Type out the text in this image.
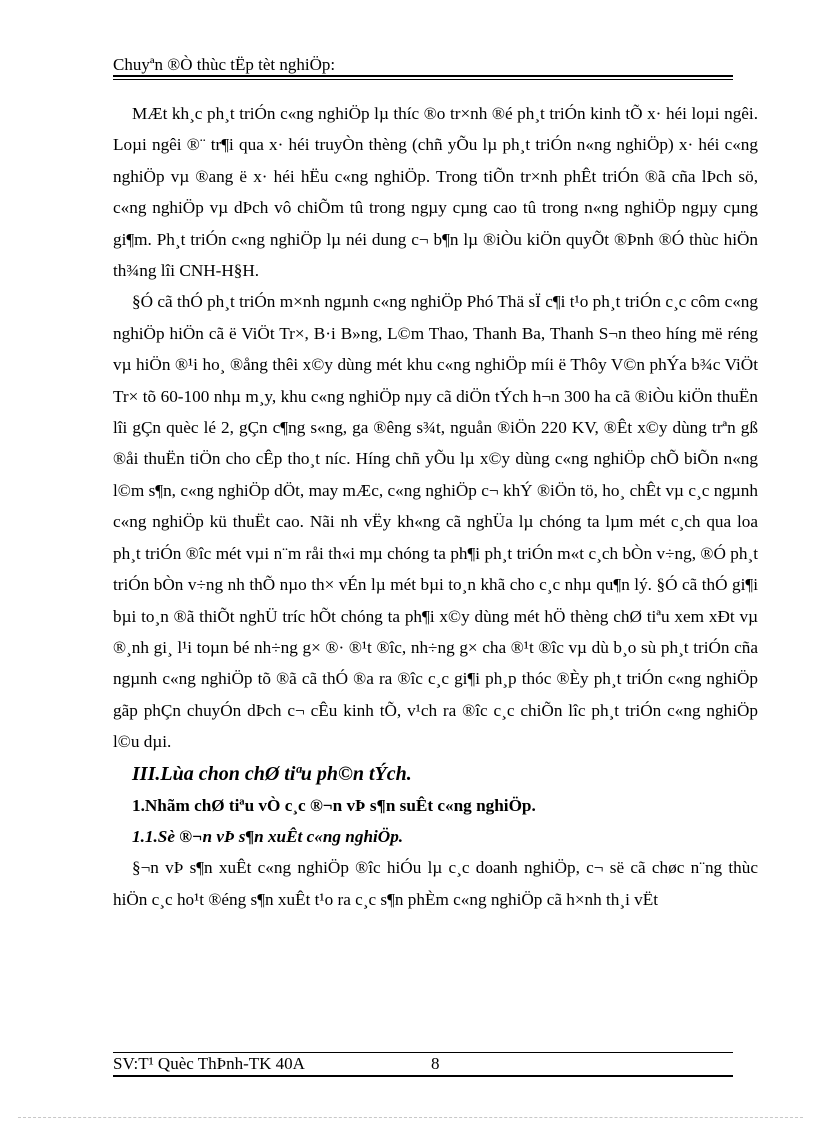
Chuyªn ®Ò thùc tËp tèt nghiÖp:

MÆt kh¸c ph¸t triÓn c«ng nghiÖp lµ thíc ®o tr×nh ®é ph¸t triÓn kinh tÕ x· héi loµi ngêi. Loµi ngêi ®¨ tr¶i qua x· héi truyÒn thèng (chñ yÕu lµ ph¸t triÓn n«ng nghiÖp) x· héi c«ng nghiÖp vµ ®ang ë x· héi hËu c«ng nghiÖp. Trong tiÕn tr×nh phÊt triÓn ®ã cña lÞch sö, c«ng nghiÖp vµ dÞch vô chiÕm tû trong ngµy cµng cao tû trong n«ng nghiÖp ngµy cµng gi¶m. Ph¸t triÓn c«ng nghiÖp lµ néi dung c¬ b¶n lµ ®iÒu kiÖn quyÕt ®Þnh ®Ó thùc hiÖn th¾ng lîi CNH-H§H.

§Ó cã thÓ ph¸t triÓn m×nh ngµnh c«ng nghiÖp Phó Thä sÏ c¶i t¹o ph¸t triÓn c¸c côm c«ng nghiÖp hiÖn cã ë ViÖt Tr×, B·i B»ng, L©m Thao, Thanh Ba, Thanh S¬n theo híng më réng vµ hiÖn ®¹i ho¸ ®ång thêi x©y dùng mét khu c«ng nghiÖp míi ë Thôy V©n phÝa b¾c ViÖt Tr× tõ 60-100 nhµ m¸y, khu c«ng nghiÖp nµy cã diÖn tÝch h¬n 300 ha cã ®iÒu kiÖn thuËn lîi gÇn quèc lé 2, gÇn c¶ng s«ng, ga ®êng s¾t, nguån ®iÖn 220 KV, ®Êt x©y dùng trªn gß ®åi thuËn tiÖn cho cÊp tho¸t níc. Híng chñ yÕu lµ x©y dùng c«ng nghiÖp chÕ biÕn n«ng l©m s¶n, c«ng nghiÖp dÖt, may mÆc, c«ng nghiÖp c¬ khÝ ®iÖn tö, ho¸ chÊt vµ c¸c ngµnh c«ng nghiÖp kü thuËt cao. Nãi nh vËy kh«ng cã nghÜa lµ chóng ta lµm mét c¸ch qua loa ph¸t triÓn ®îc mét vµi n¨m råi th«i mµ chóng ta ph¶i ph¸t triÓn m«t c¸ch bÒn v÷ng, ®Ó ph¸t triÓn bÒn v÷ng nh thÕ nµo th× vÉn lµ mét bµi to¸n khã cho c¸c nhµ qu¶n lý. §Ó cã thÓ gi¶i bµi to¸n ®ã thiÕt nghÜ tríc hÕt chóng ta ph¶i x©y dùng mét hÖ thèng chØ tiªu xem xÐt vµ ®¸nh gi¸ l¹i toµn bé nh÷ng g× ®· ®¹t ®îc, nh÷ng g× cha ®¹t ®îc vµ dù b¸o sù ph¸t triÓn cña ngµnh c«ng nghiÖp tõ ®ã cã thÓ ®a ra ®îc c¸c gi¶i ph¸p thóc ®Èy ph¸t triÓn c«ng nghiÖp gãp phÇn chuyÓn dÞch c¬ cÊu kinh tÕ, v¹ch ra ®îc c¸c chiÕn lîc ph¸t triÓn c«ng nghiÖp l©u dµi.

III.Lùa chon chØ tiªu ph©n tÝch.

1.Nhãm chØ tiªu vÒ c¸c ®¬n vÞ s¶n suÊt c«ng nghiÖp.

1.1.Sè ®¬n vÞ s¶n xuÊt c«ng nghiÖp.

§¬n vÞ s¶n xuÊt c«ng nghiÖp ®îc hiÓu lµ c¸c doanh nghiÖp, c¬ së cã chøc n¨ng thùc hiÖn c¸c ho¹t ®éng s¶n xuÊt t¹o ra c¸c s¶n phÈm c«ng nghiÖp cã h×nh th¸i vËt

SV:T¹ Quèc ThÞnh-TK 40A	8
